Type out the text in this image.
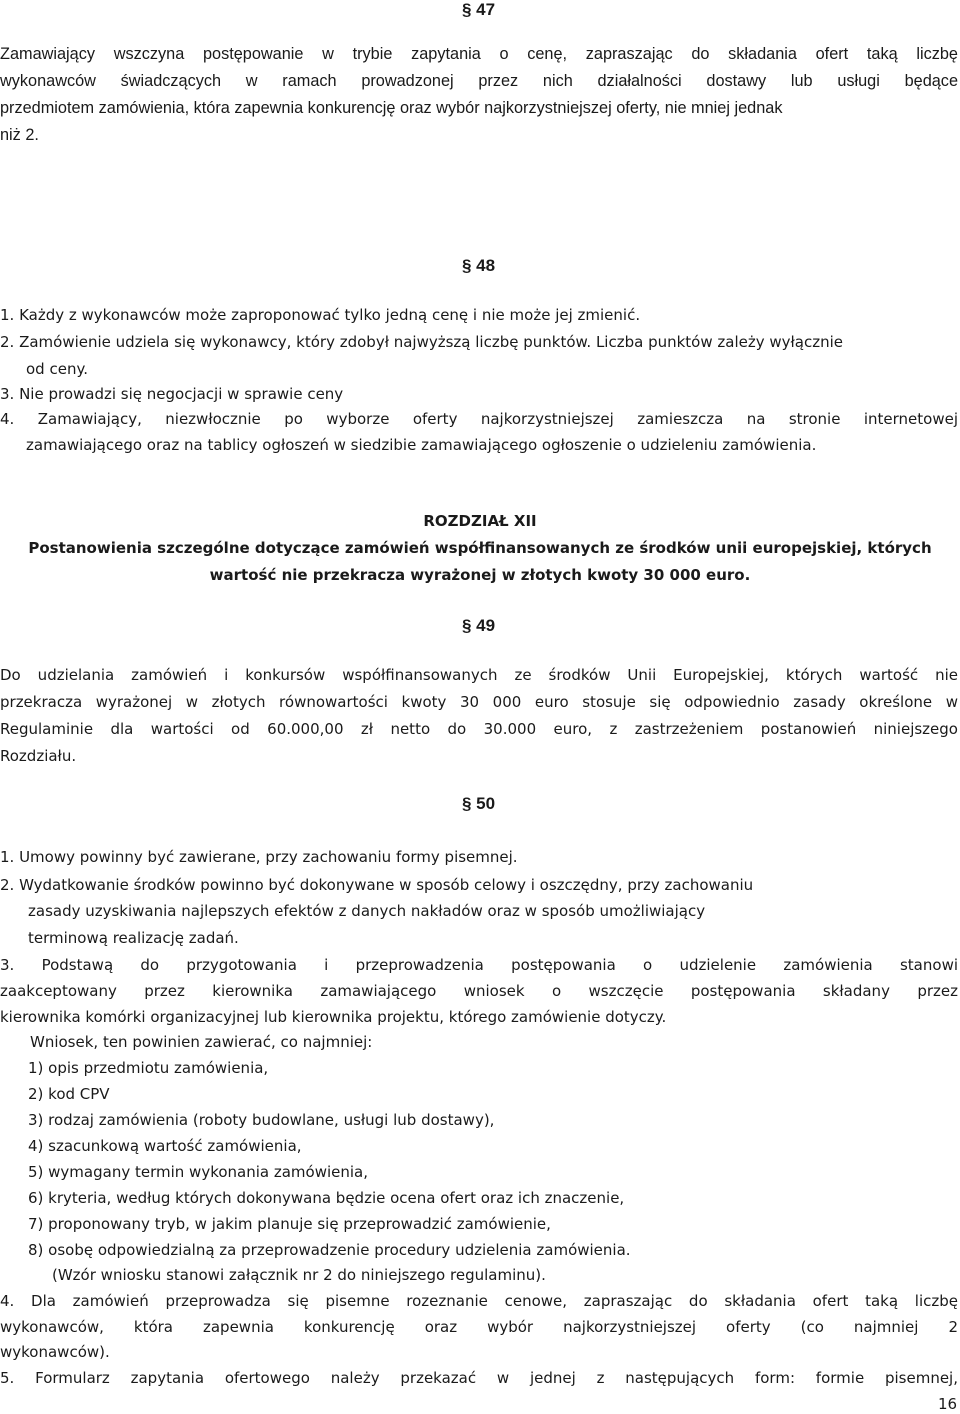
§ 47
Zamawiający wszczyna postępowanie w trybie zapytania o cenę, zapraszając do składania ofert taką liczbę
wykonawców świadczących w ramach prowadzonej przez nich działalności dostawy lub usługi będące
przedmiotem zamówienia, która zapewnia konkurencję oraz wybór najkorzystniejszej oferty, nie mniej jednak
niż 2.
§ 48
1. Każdy z wykonawców może zaproponować tylko jedną cenę i nie może jej zmienić.
2. Zamówienie udziela się wykonawcy, który zdobył najwyższą liczbę punktów. Liczba punktów zależy wyłącznie
od ceny.
3. Nie prowadzi się negocjacji w sprawie ceny
4. Zamawiający, niezwłocznie po wyborze oferty najkorzystniejszej zamieszcza na stronie internetowej
zamawiającego oraz na tablicy ogłoszeń w siedzibie zamawiającego ogłoszenie o udzieleniu zamówienia.
ROZDZIAŁ XII
Postanowienia szczególne dotyczące zamówień współfinansowanych ze środków unii europejskiej, których
wartość nie przekracza wyrażonej w złotych kwoty 30 000 euro.
§ 49
Do udzielania zamówień i konkursów współfinansowanych ze środków Unii Europejskiej, których wartość nie
przekracza wyrażonej w złotych równowartości kwoty 30 000 euro stosuje się odpowiednio zasady określone w
Regulaminie dla wartości od 60.000,00 zł netto do 30.000 euro, z zastrzeżeniem postanowień niniejszego
Rozdziału.
§ 50
1. Umowy powinny być zawierane, przy zachowaniu formy pisemnej.
2. Wydatkowanie środków powinno być dokonywane w sposób celowy i oszczędny, przy zachowaniu
zasady uzyskiwania najlepszych efektów z danych nakładów oraz w sposób umożliwiający
terminową realizację zadań.
3. Podstawą do przygotowania i przeprowadzenia postępowania o udzielenie zamówienia stanowi
zaakceptowany przez kierownika zamawiającego wniosek o wszczęcie postępowania składany przez
kierownika komórki organizacyjnej lub kierownika projektu, którego zamówienie dotyczy.
Wniosek, ten powinien zawierać, co najmniej:
1) opis przedmiotu zamówienia,
2) kod CPV
3) rodzaj zamówienia (roboty budowlane, usługi lub dostawy),
4) szacunkową wartość zamówienia,
5) wymagany termin wykonania zamówienia,
6) kryteria, według których dokonywana będzie ocena ofert oraz ich znaczenie,
7) proponowany tryb, w jakim planuje się przeprowadzić zamówienie,
8) osobę odpowiedzialną za przeprowadzenie procedury udzielenia zamówienia.
(Wzór wniosku stanowi załącznik nr 2 do niniejszego regulaminu).
4. Dla zamówień przeprowadza się pisemne rozeznanie cenowe, zapraszając do składania ofert taką liczbę
wykonawców, która zapewnia konkurencję oraz wybór najkorzystniejszej oferty (co najmniej 2
wykonawców).
5. Formularz zapytania ofertowego należy przekazać w jednej z następujących form: formie pisemnej,
16
